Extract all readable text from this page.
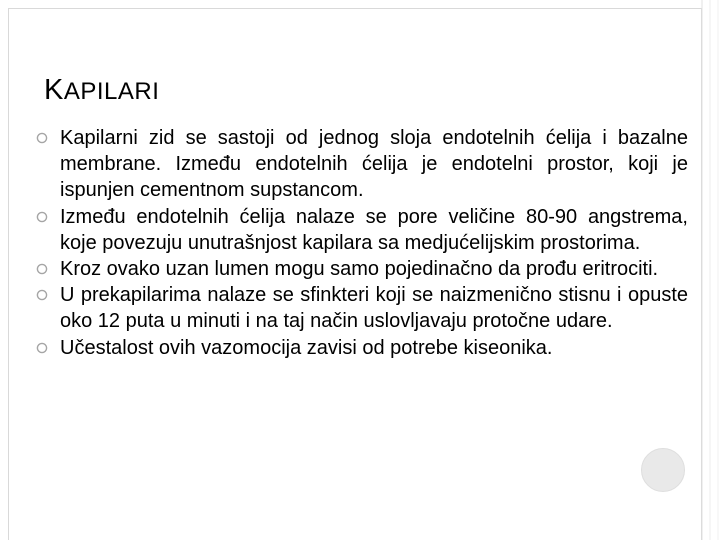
KAPILARI
Kapilarni zid se sastoji od jednog sloja endotelnih ćelija i bazalne membrane. Između endotelnih ćelija je endotelni prostor, koji je ispunjen cementnom supstancom.
Između endotelnih ćelija nalaze se pore veličine 80-90 angstrema, koje povezuju unutrašnjost kapilara sa medjućelijskim prostorima.
Kroz ovako uzan lumen mogu samo pojedinačno da prođu eritrociti.
U prekapilarima nalaze se sfinkteri koji se naizmenično stisnu i opuste oko 12 puta u minuti i na taj način uslovljavaju protočne udare.
Učestalost ovih vazomocija zavisi od potrebe kiseonika.
